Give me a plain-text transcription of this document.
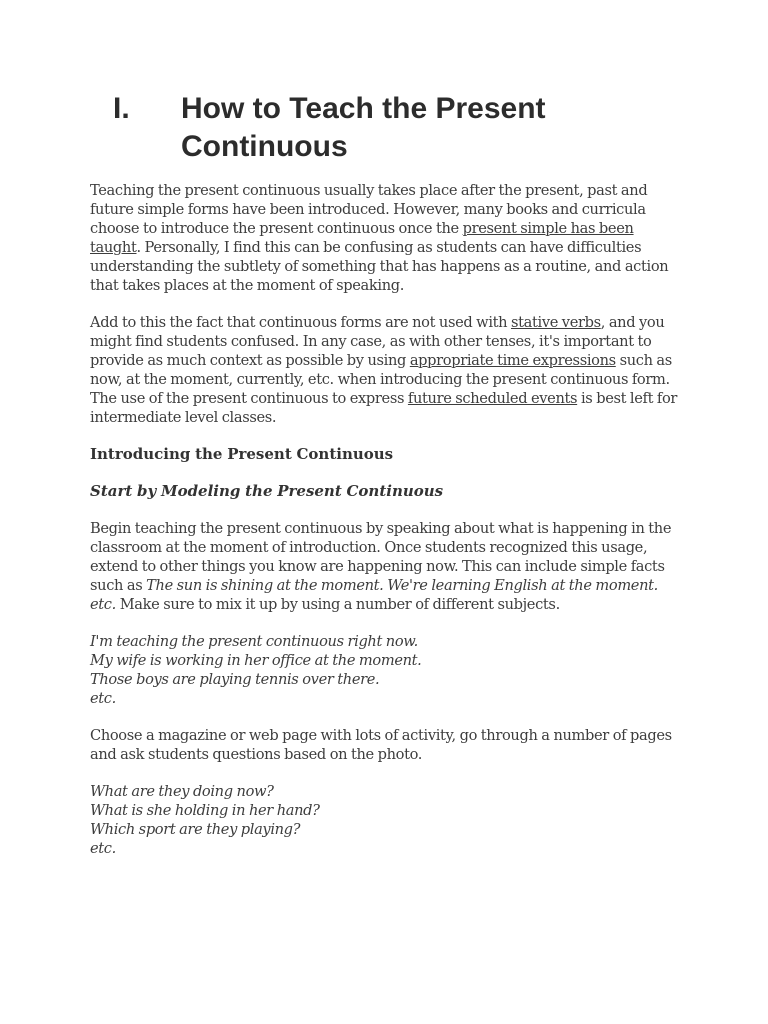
I. How to Teach the Present Continuous

Teaching the present continuous usually takes place after the present, past and future simple forms have been introduced. However, many books and curricula choose to introduce the present continuous once the present simple has been taught. Personally, I find this can be confusing as students can have difficulties understanding the subtlety of something that has happens as a routine, and action that takes places at the moment of speaking.

Add to this the fact that continuous forms are not used with stative verbs, and you might find students confused. In any case, as with other tenses, it's important to provide as much context as possible by using appropriate time expressions such as now, at the moment, currently, etc. when introducing the present continuous form. The use of the present continuous to express future scheduled events is best left for intermediate level classes.

Introducing the Present Continuous
Start by Modeling the Present Continuous

Begin teaching the present continuous by speaking about what is happening in the classroom at the moment of introduction. Once students recognized this usage, extend to other things you know are happening now. This can include simple facts such as The sun is shining at the moment. We're learning English at the moment. etc. Make sure to mix it up by using a number of different subjects.

I'm teaching the present continuous right now.
My wife is working in her office at the moment.
Those boys are playing tennis over there.
etc.

Choose a magazine or web page with lots of activity, go through a number of pages and ask students questions based on the photo.

What are they doing now?
What is she holding in her hand?
Which sport are they playing?
etc.
